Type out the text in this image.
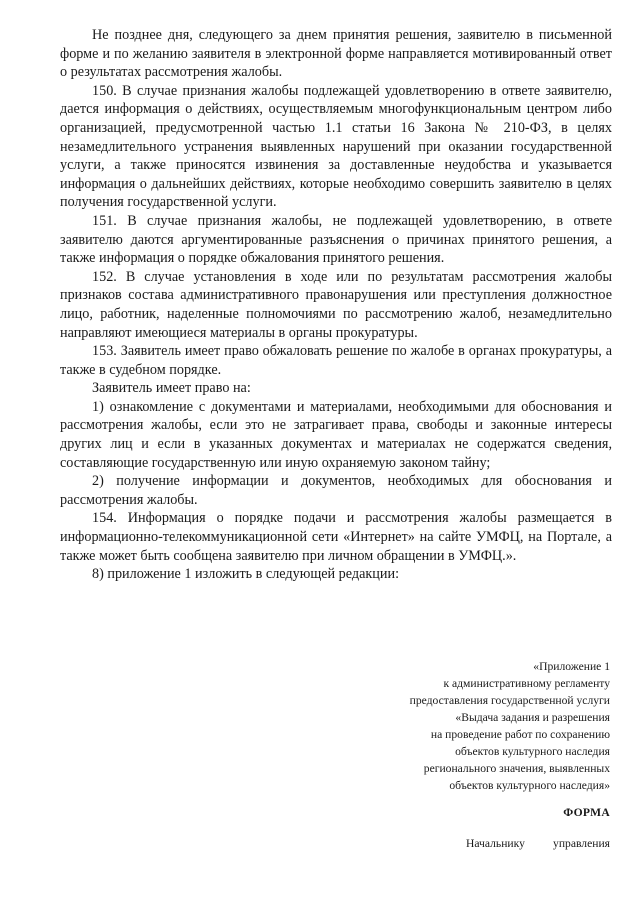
Не позднее дня, следующего за днем принятия решения, заявителю в письменной форме и по желанию заявителя в электронной форме направляется мотивированный ответ о результатах рассмотрения жалобы.

150. В случае признания жалобы подлежащей удовлетворению в ответе заявителю, дается информация о действиях, осуществляемым многофункциональным центром либо организацией, предусмотренной частью 1.1 статьи 16 Закона № 210-ФЗ, в целях незамедлительного устранения выявленных нарушений при оказании государственной услуги, а также приносятся извинения за доставленные неудобства и указывается информация о дальнейших действиях, которые необходимо совершить заявителю в целях получения государственной услуги.

151. В случае признания жалобы, не подлежащей удовлетворению, в ответе заявителю даются аргументированные разъяснения о причинах принятого решения, а также информация о порядке обжалования принятого решения.

152. В случае установления в ходе или по результатам рассмотрения жалобы признаков состава административного правонарушения или преступления должностное лицо, работник, наделенные полномочиями по рассмотрению жалоб, незамедлительно направляют имеющиеся материалы в органы прокуратуры.

153. Заявитель имеет право обжаловать решение по жалобе в органах прокуратуры, а также в судебном порядке.

Заявитель имеет право на:

1) ознакомление с документами и материалами, необходимыми для обоснования и рассмотрения жалобы, если это не затрагивает права, свободы и законные интересы других лиц и если в указанных документах и материалах не содержатся сведения, составляющие государственную или иную охраняемую законом тайну;

2) получение информации и документов, необходимых для обоснования и рассмотрения жалобы.

154. Информация о порядке подачи и рассмотрения жалобы размещается в информационно-телекоммуникационной сети «Интернет» на сайте УМФЦ, на Портале, а также может быть сообщена заявителю при личном обращении в УМФЦ.».

8) приложение 1 изложить в следующей редакции:

«Приложение 1
к административному регламенту
предоставления государственной услуги
«Выдача задания и разрешения
на проведение работ по сохранению
объектов культурного наследия
регионального значения, выявленных
объектов культурного наследия»
ФОРМА
Начальнику управления
